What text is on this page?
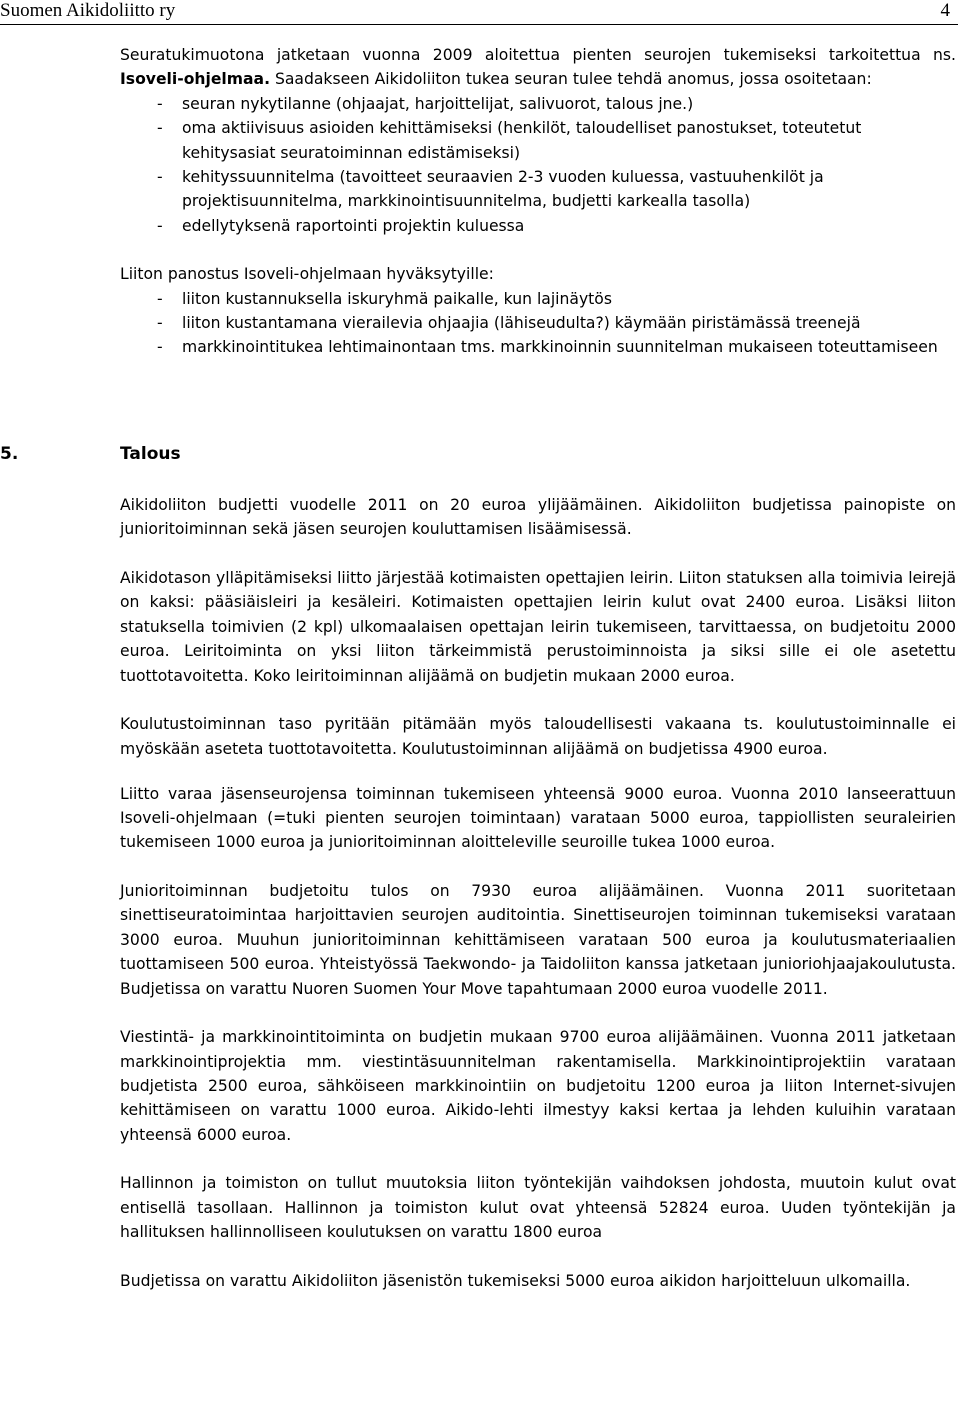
Suomen Aikidoliitto ry	4

Seuratukimuotona jatketaan vuonna 2009 aloitettua pienten seurojen tukemiseksi tarkoitettua ns. Isoveli-ohjelmaa. Saadakseen Aikidoliiton tukea seuran tulee tehdä anomus, jossa osoitetaan:

- seuran nykytilanne (ohjaajat, harjoittelijat, salivuorot, talous jne.)
- oma aktiivisuus asioiden kehittämiseksi (henkilöt, taloudelliset panostukset, toteutetut kehitysasiat seuratoiminnan edistämiseksi)
- kehityssuunnitelma (tavoitteet seuraavien 2-3 vuoden kuluessa, vastuuhenkilöt ja projektisuunnitelma, markkinointisuunnitelma, budjetti karkealla tasolla)
- edellytyksenä raportointi projektin kuluessa

Liiton panostus Isoveli-ohjelmaan hyväksytyille:

- liiton kustannuksella iskuryhmä paikalle, kun lajinäytös
- liiton kustantamana vierailevia ohjaajia (lähiseudulta?) käymään piristämässä treenejä
- markkinointitukea lehtimainontaan tms. markkinoinnin suunnitelman mukaiseen toteuttamiseen
5.	Talous

Aikidoliiton budjetti vuodelle 2011 on 20 euroa ylijäämäinen. Aikidoliiton budjetissa painopiste on junioritoiminnan sekä jäsen seurojen kouluttamisen lisäämisessä.

Aikidotason ylläpitämiseksi liitto järjestää kotimaisten opettajien leirin. Liiton statuksen alla toimivia leirejä on kaksi: pääsiäisleiri ja kesäleiri. Kotimaisten opettajien leirin kulut ovat 2400 euroa. Lisäksi liiton statuksella toimivien (2 kpl) ulkomaalaisen opettajan leirin tukemiseen, tarvittaessa, on budjetoitu 2000 euroa. Leiritoiminta on yksi liiton tärkeimmistä perustoiminnoista ja siksi sille ei ole asetettu tuottotavoitetta. Koko leiritoiminnan alijäämä on budjetin mukaan 2000 euroa.

Koulutustoiminnan taso pyritään pitämään myös taloudellisesti vakaana ts. koulutustoiminnalle ei myöskään aseteta tuottotavoitetta. Koulutustoiminnan alijäämä on budjetissa 4900 euroa.

Liitto varaa jäsenseurojensa toiminnan tukemiseen yhteensä 9000 euroa. Vuonna 2010 lanseerattuun Isoveli-ohjelmaan (=tuki pienten seurojen toimintaan) varataan 5000 euroa, tappiollisten seuraleirien tukemiseen 1000 euroa ja junioritoiminnan aloitteleville seuroille tukea 1000 euroa.

Junioritoiminnan budjetoitu tulos on 7930 euroa alijäämäinen. Vuonna 2011 suoritetaan sinettiseuratoimintaa harjoittavien seurojen auditointia. Sinettiseurojen toiminnan tukemiseksi varataan 3000 euroa. Muuhun junioritoiminnan kehittämiseen varataan 500 euroa ja koulutusmateriaalien tuottamiseen 500 euroa. Yhteistyössä Taekwondo- ja Taidoliiton kanssa jatketaan junioriohjaajakoulutusta. Budjetissa on varattu Nuoren Suomen Your Move tapahtumaan 2000 euroa vuodelle 2011.

Viestintä- ja markkinointitoiminta on budjetin mukaan 9700 euroa alijäämäinen. Vuonna 2011 jatketaan markkinointiprojektia mm. viestintäsuunnitelman rakentamisella. Markkinointiprojektiin varataan budjetista 2500 euroa, sähköiseen markkinointiin on budjetoitu 1200 euroa ja liiton Internet-sivujen kehittämiseen on varattu 1000 euroa. Aikido-lehti ilmestyy kaksi kertaa ja lehden kuluihin varataan yhteensä 6000 euroa.

Hallinnon ja toimiston on tullut muutoksia liiton työntekijän vaihdoksen johdosta, muutoin kulut ovat entisellä tasollaan. Hallinnon ja toimiston kulut ovat yhteensä 52824 euroa. Uuden työntekijän ja hallituksen hallinnolliseen koulutuksen on varattu 1800 euroa

Budjetissa on varattu Aikidoliiton jäsenistön tukemiseksi 5000 euroa aikidon harjoitteluun ulkomailla.
